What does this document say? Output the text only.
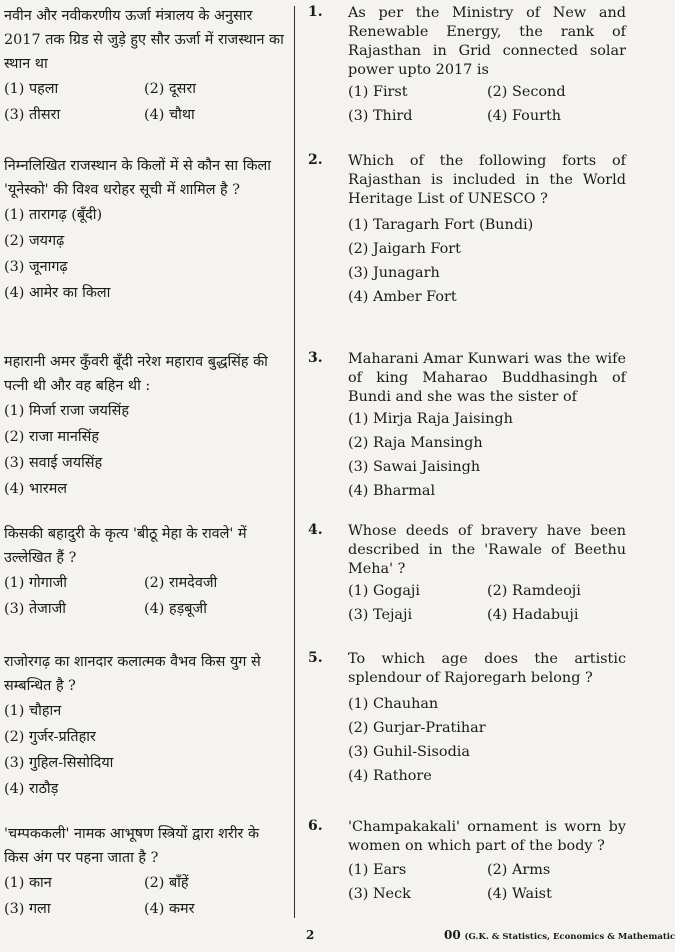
नवीन और नवीकरणीय ऊर्जा मंत्रालय के अनुसार 2017 तक ग्रिड से जुड़े हुए सौर ऊर्जा में राजस्थान का स्थान था
(1) पहला	(2) दूसरा
(3) तीसरा	(4) चौथा
निम्नलिखित राजस्थान के किलों में से कौन सा किला 'यूनेस्को' की विश्व धरोहर सूची में शामिल है ?
(1) तारागढ़ (बूँदी)
(2) जयगढ़
(3) जूनागढ़
(4) आमेर का किला
महारानी अमर कुँवरी बूँदी नरेश महाराव बुद्धसिंह की पत्नी थी और वह बहिन थी :
(1) मिर्जा राजा जयसिंह
(2) राजा मानसिंह
(3) सवाई जयसिंह
(4) भारमल
किसकी बहादुरी के कृत्य 'बीठू मेहा के रावले' में उल्लेखित हैं ?
(1) गोगाजी	(2) रामदेवजी
(3) तेजाजी	(4) हड़बूजी
राजोरगढ़ का शानदार कलात्मक वैभव किस युग से सम्बन्धित है ?
(1) चौहान
(2) गुर्जर-प्रतिहार
(3) गुहिल-सिसोदिया
(4) राठौड़
'चम्पककली' नामक आभूषण स्त्रियों द्वारा शरीर के किस अंग पर पहना जाता है ?
(1) कान	(2) बाँहें
(3) गला	(4) कमर
1.	As per the Ministry of New and Renewable Energy, the rank of Rajasthan in Grid connected solar power upto 2017 is
(1) First	(2) Second
(3) Third	(4) Fourth
2.	Which of the following forts of Rajasthan is included in the World Heritage List of UNESCO ?
(1) Taragarh Fort (Bundi)
(2) Jaigarh Fort
(3) Junagarh
(4) Amber Fort
3.	Maharani Amar Kunwari was the wife of king Maharao Buddhasingh of Bundi and she was the sister of
(1) Mirja Raja Jaisingh
(2) Raja Mansingh
(3) Sawai Jaisingh
(4) Bharmal
4.	Whose deeds of bravery have been described in the 'Rawale of Beethu Meha' ?
(1) Gogaji	(2) Ramdeoji
(3) Tejaji	(4) Hadabuji
5.	To which age does the artistic splendour of Rajoregarh belong ?
(1) Chauhan
(2) Gurjar-Pratihar
(3) Guhil-Sisodia
(4) Rathore
6.	'Champakakali' ornament is worn by women on which part of the body ?
(1) Ears	(2) Arms
(3) Neck	(4) Waist
2	00 (G.K. & Statistics, Economics & Mathematic
